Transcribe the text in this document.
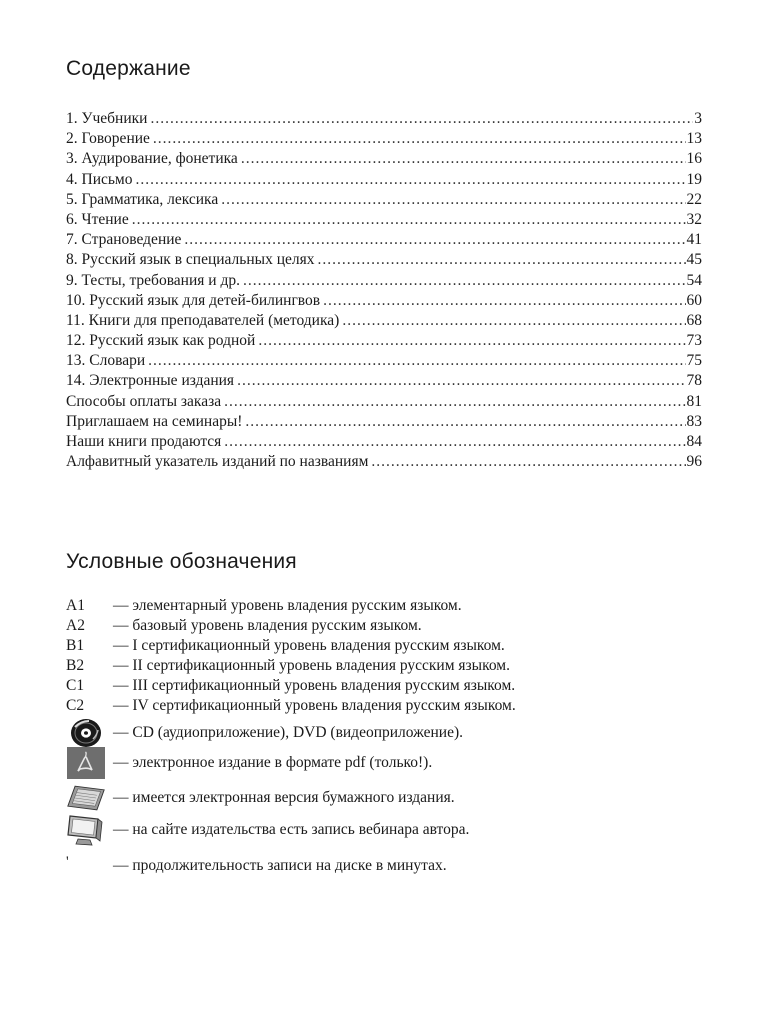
Содержание
1. Учебники .....	3
2. Говорение .....	13
3. Аудирование, фонетика .....	16
4. Письмо .....	19
5. Грамматика, лексика .....	22
6. Чтение .....	32
7. Страноведение .....	41
8. Русский язык в специальных целях .....	45
9. Тесты, требования и др. .....	54
10. Русский язык для детей-билингвов .....	60
11. Книги для преподавателей (методика) .....	68
12. Русский язык как родной .....	73
13. Словари .....	75
14. Электронные издания .....	78
Способы оплаты заказа .....	81
Приглашаем на семинары! .....	83
Наши книги продаются .....	84
Алфавитный указатель изданий по названиям .....	96
Условные обозначения
A1	— элементарный уровень владения русским языком.
A2	— базовый уровень владения русским языком.
B1	— I сертификационный уровень владения русским языком.
B2	— II сертификационный уровень владения русским языком.
C1	— III сертификационный уровень владения русским языком.
C2	— IV сертификационный уровень владения русским языком.
— CD (аудиоприложение), DVD (видеоприложение).
— электронное издание в формате pdf (только!).
— имеется электронная версия бумажного издания.
— на сайте издательства есть запись вебинара автора.
'	— продолжительность записи на диске в минутах.
